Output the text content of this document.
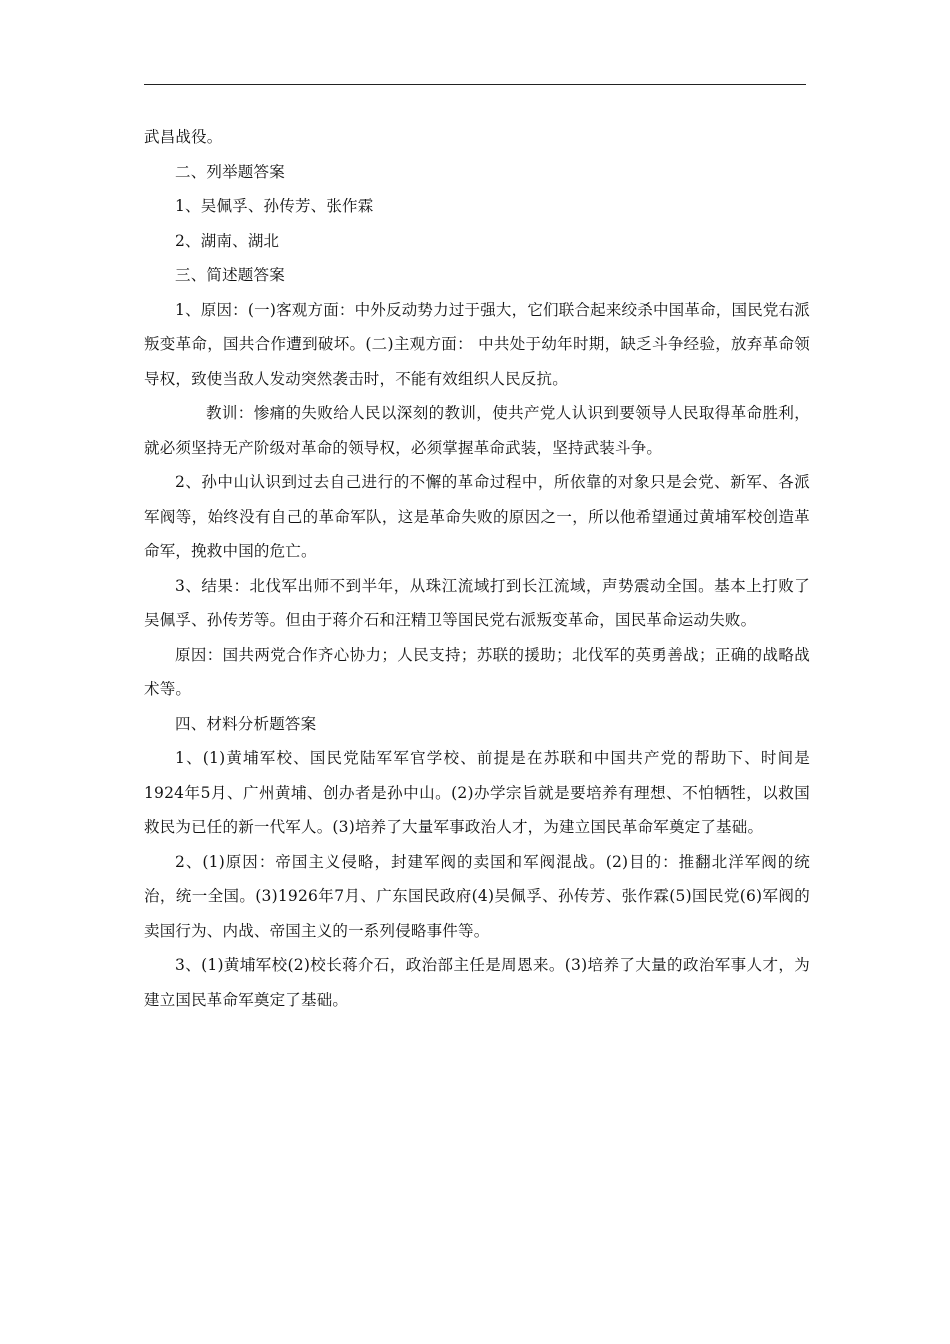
武昌战役。

二、列举题答案

1、吴佩孚、孙传芳、张作霖

2、湖南、湖北

三、简述题答案

1、原因：(一)客观方面：中外反动势力过于强大，它们联合起来绞杀中国革命，国民党右派叛变革命，国共合作遭到破坏。(二)主观方面： 中共处于幼年时期，缺乏斗争经验，放弃革命领导权，致使当敌人发动突然袭击时，不能有效组织人民反抗。

教训：惨痛的失败给人民以深刻的教训，使共产党人认识到要领导人民取得革命胜利，就必须坚持无产阶级对革命的领导权，必须掌握革命武装，坚持武装斗争。

2、孙中山认识到过去自己进行的不懈的革命过程中，所依靠的对象只是会党、新军、各派军阀等，始终没有自己的革命军队，这是革命失败的原因之一，所以他希望通过黄埔军校创造革命军，挽救中国的危亡。

3、结果：北伐军出师不到半年，从珠江流域打到长江流域，声势震动全国。基本上打败了吴佩孚、孙传芳等。但由于蒋介石和汪精卫等国民党右派叛变革命，国民革命运动失败。

原因：国共两党合作齐心协力；人民支持；苏联的援助；北伐军的英勇善战；正确的战略战术等。

四、材料分析题答案

1、(1)黄埔军校、国民党陆军军官学校、前提是在苏联和中国共产党的帮助下、时间是1924年5月、广州黄埔、创办者是孙中山。(2)办学宗旨就是要培养有理想、不怕牺牲，以救国救民为已任的新一代军人。(3)培养了大量军事政治人才，为建立国民革命军奠定了基础。

2、(1)原因：帝国主义侵略，封建军阀的卖国和军阀混战。(2)目的：推翻北洋军阀的统治，统一全国。(3)1926年7月、广东国民政府(4)吴佩孚、孙传芳、张作霖(5)国民党(6)军阀的卖国行为、内战、帝国主义的一系列侵略事件等。

3、(1)黄埔军校(2)校长蒋介石，政治部主任是周恩来。(3)培养了大量的政治军事人才，为建立国民革命军奠定了基础。
